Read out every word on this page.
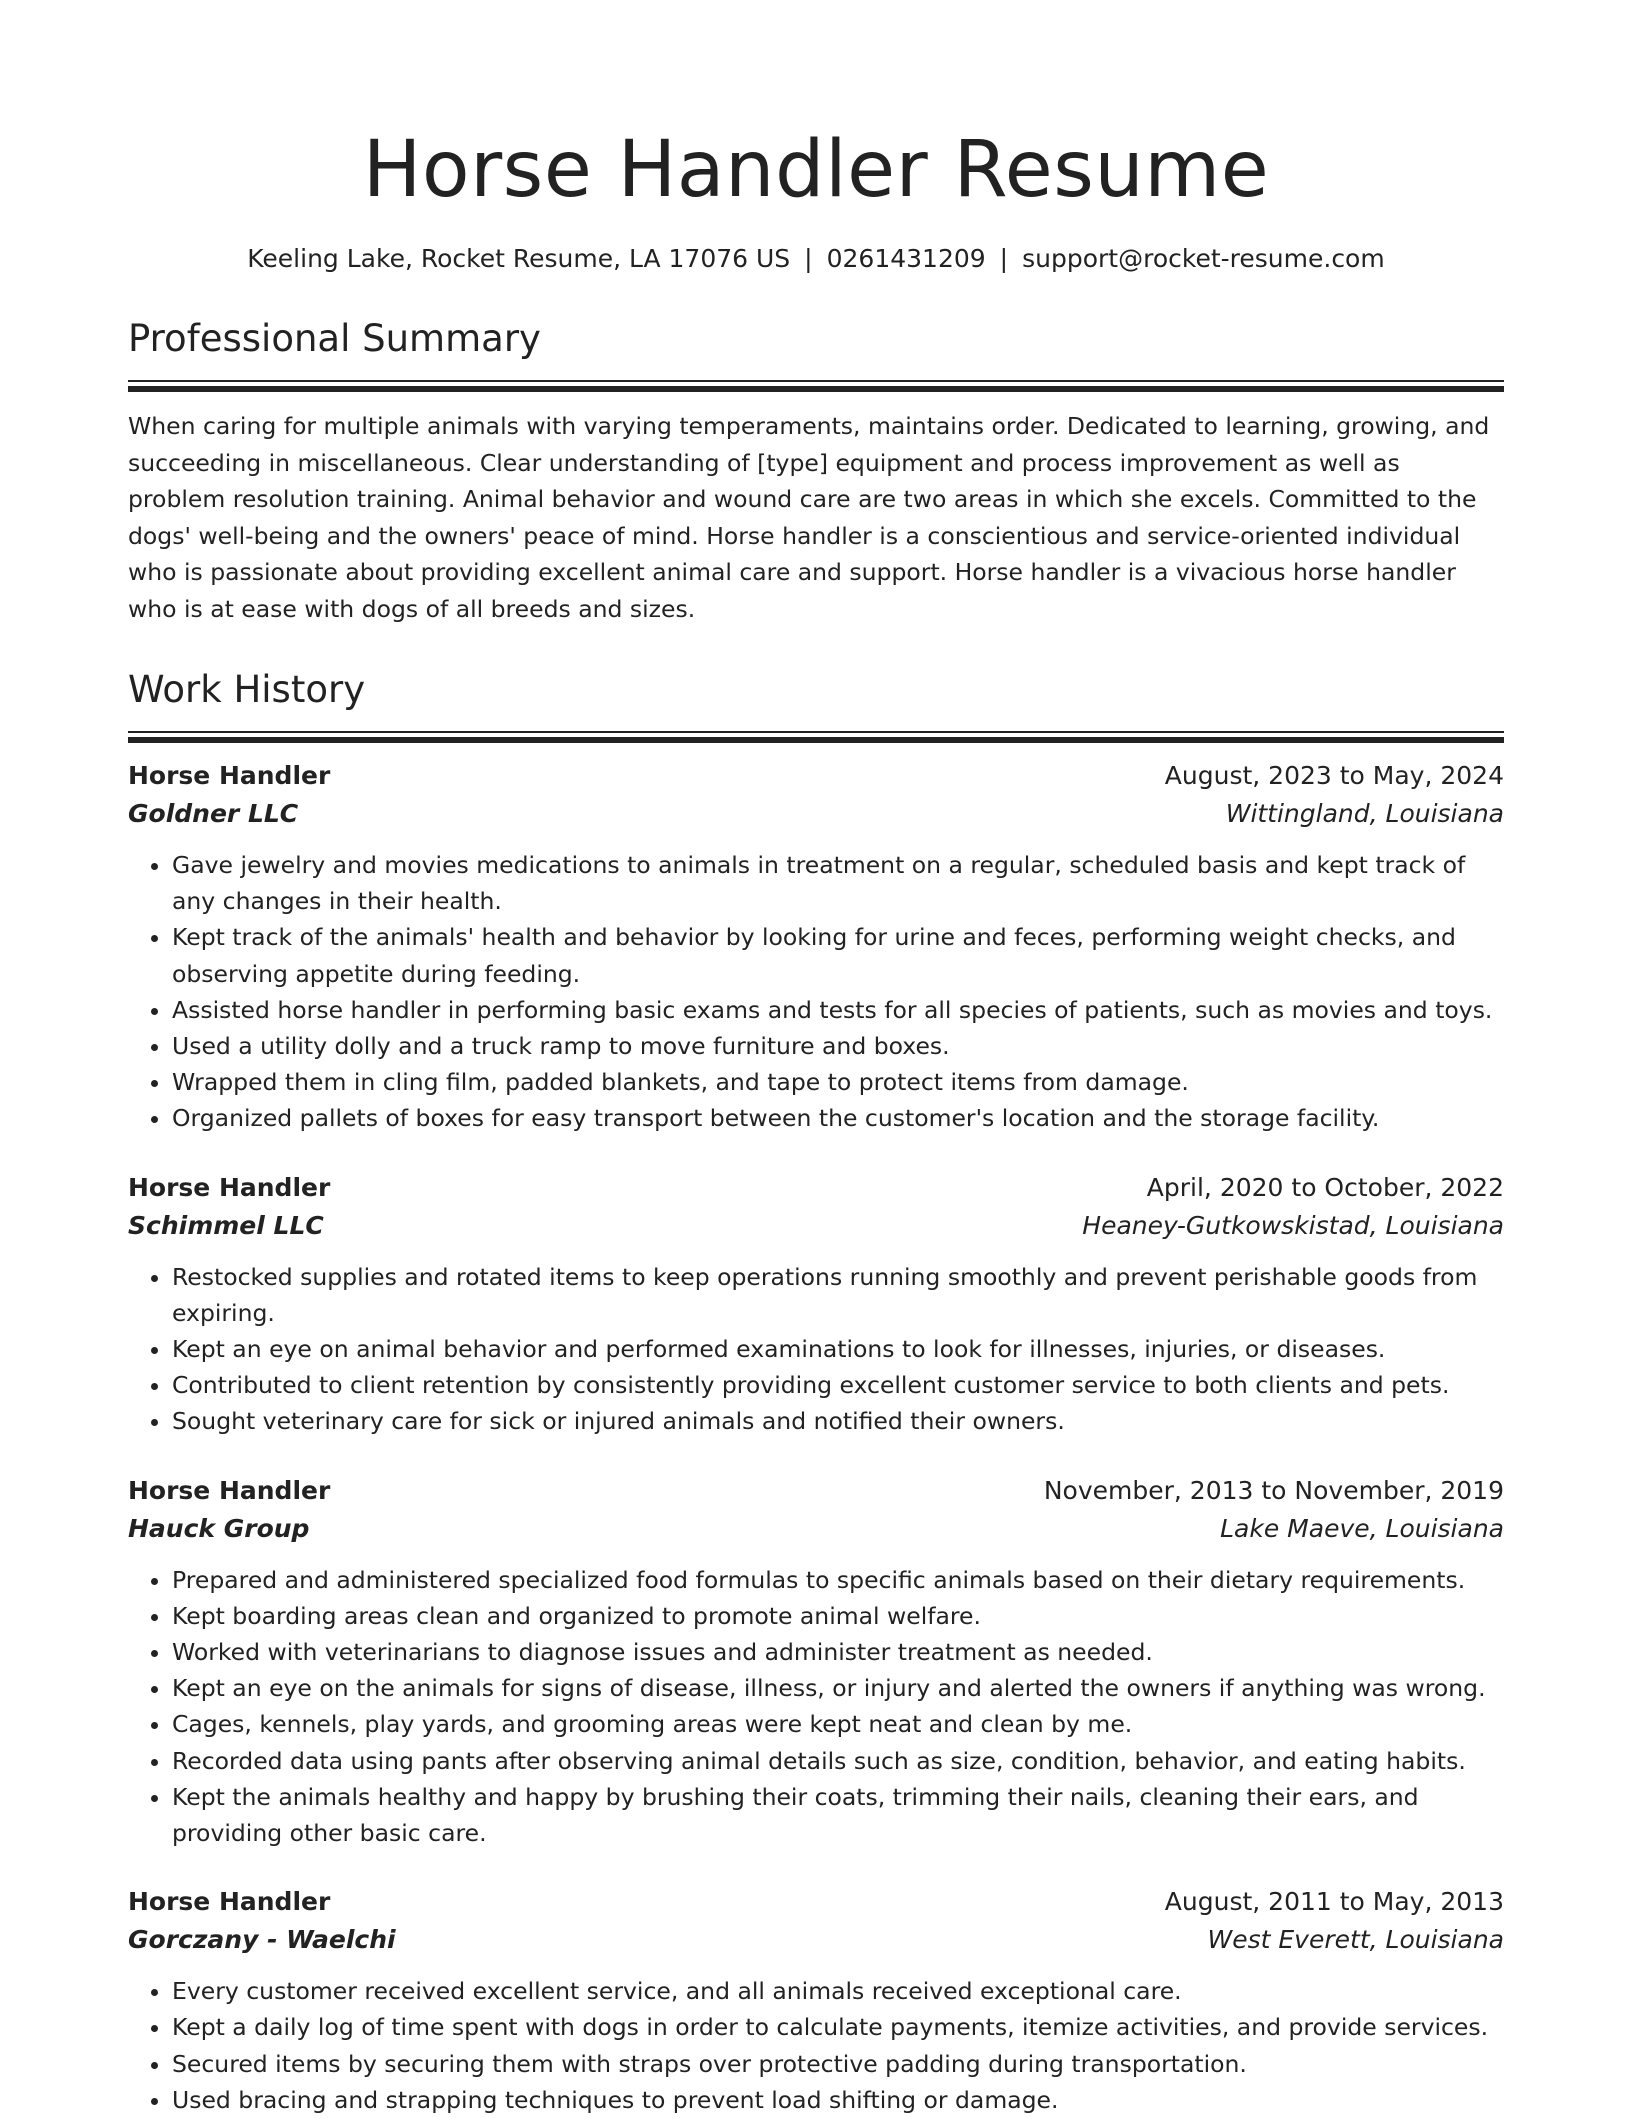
Horse Handler Resume
Keeling Lake, Rocket Resume, LA 17076 US | 0261431209 | support@rocket-resume.com
Professional Summary
When caring for multiple animals with varying temperaments, maintains order. Dedicated to learning, growing, and succeeding in miscellaneous. Clear understanding of [type] equipment and process improvement as well as problem resolution training. Animal behavior and wound care are two areas in which she excels. Committed to the dogs' well-being and the owners' peace of mind. Horse handler is a conscientious and service-oriented individual who is passionate about providing excellent animal care and support. Horse handler is a vivacious horse handler who is at ease with dogs of all breeds and sizes.
Work History
Horse Handler	August, 2023 to May, 2024
Goldner LLC	Wittingland, Louisiana
• Gave jewelry and movies medications to animals in treatment on a regular, scheduled basis and kept track of any changes in their health.
• Kept track of the animals' health and behavior by looking for urine and feces, performing weight checks, and observing appetite during feeding.
• Assisted horse handler in performing basic exams and tests for all species of patients, such as movies and toys.
• Used a utility dolly and a truck ramp to move furniture and boxes.
• Wrapped them in cling film, padded blankets, and tape to protect items from damage.
• Organized pallets of boxes for easy transport between the customer's location and the storage facility.
Horse Handler	April, 2020 to October, 2022
Schimmel LLC	Heaney-Gutkowskistad, Louisiana
• Restocked supplies and rotated items to keep operations running smoothly and prevent perishable goods from expiring.
• Kept an eye on animal behavior and performed examinations to look for illnesses, injuries, or diseases.
• Contributed to client retention by consistently providing excellent customer service to both clients and pets.
• Sought veterinary care for sick or injured animals and notified their owners.
Horse Handler	November, 2013 to November, 2019
Hauck Group	Lake Maeve, Louisiana
• Prepared and administered specialized food formulas to specific animals based on their dietary requirements.
• Kept boarding areas clean and organized to promote animal welfare.
• Worked with veterinarians to diagnose issues and administer treatment as needed.
• Kept an eye on the animals for signs of disease, illness, or injury and alerted the owners if anything was wrong.
• Cages, kennels, play yards, and grooming areas were kept neat and clean by me.
• Recorded data using pants after observing animal details such as size, condition, behavior, and eating habits.
• Kept the animals healthy and happy by brushing their coats, trimming their nails, cleaning their ears, and providing other basic care.
Horse Handler	August, 2011 to May, 2013
Gorczany - Waelchi	West Everett, Louisiana
• Every customer received excellent service, and all animals received exceptional care.
• Kept a daily log of time spent with dogs in order to calculate payments, itemize activities, and provide services.
• Secured items by securing them with straps over protective padding during transportation.
• Used bracing and strapping techniques to prevent load shifting or damage.
